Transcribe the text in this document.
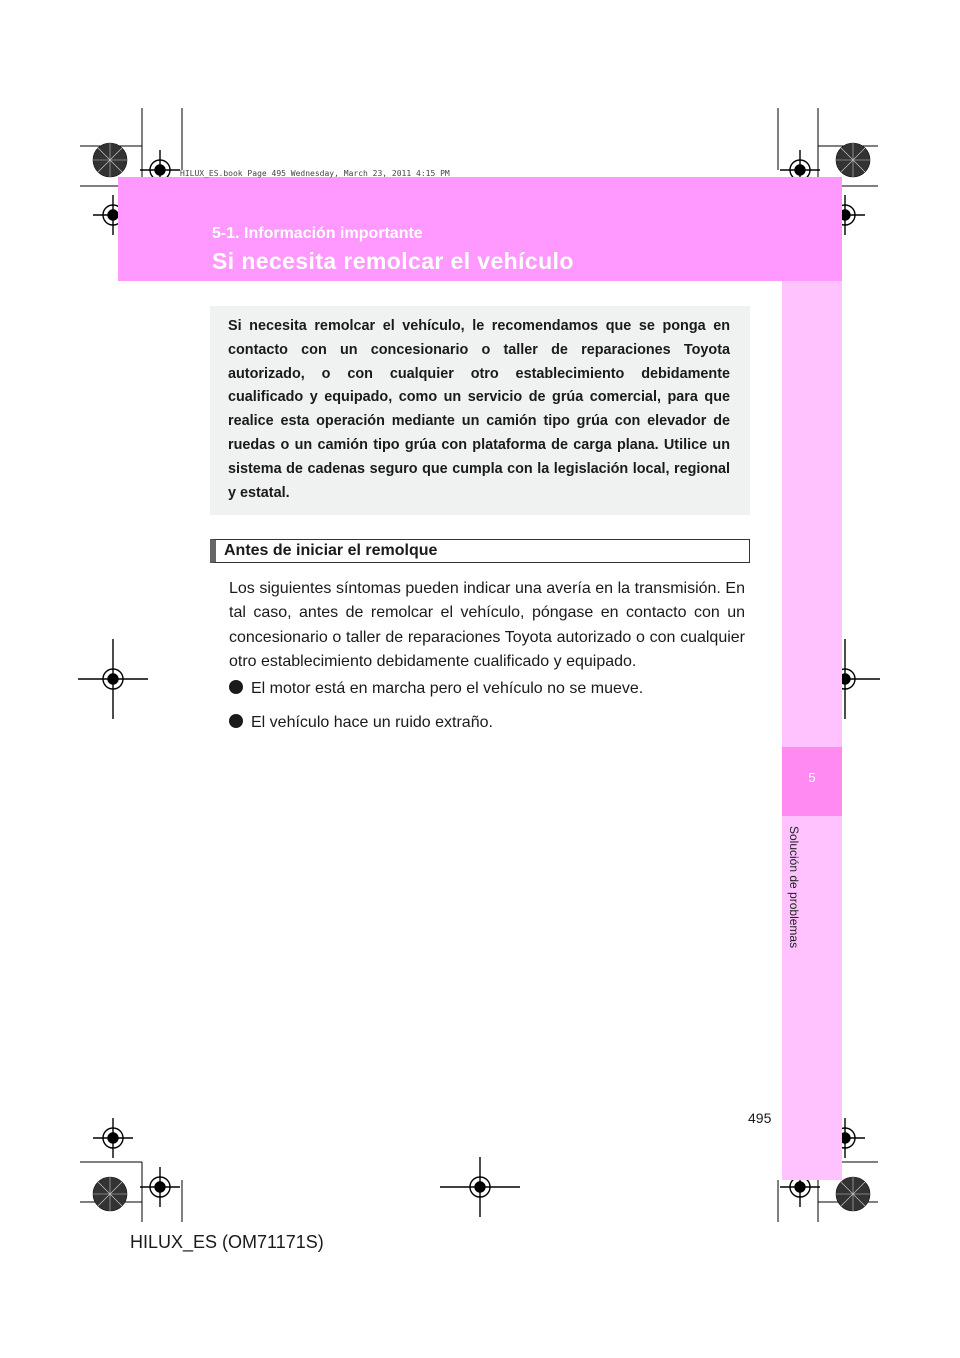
5
Solución de problemas
HILUX_ES.book Page 495 Wednesday, March 23, 2011 4:15 PM
5-1. Información importante
Si necesita remolcar el vehículo

Si necesita remolcar el vehículo, le recomendamos que se ponga en contacto con un concesionario o taller de reparaciones Toyota autorizado, o con cualquier otro establecimiento debidamente cualificado y equipado, como un servicio de grúa comercial, para que realice esta operación mediante un camión tipo grúa con elevador de ruedas o un camión tipo grúa con plataforma de carga plana. Utilice un sistema de cadenas seguro que cumpla con la legislación local, regional y estatal.

Antes de iniciar el remolque

Los siguientes síntomas pueden indicar una avería en la transmisión. En tal caso, antes de remolcar el vehículo, póngase en contacto con un concesionario o taller de reparaciones Toyota autorizado o con cualquier otro establecimiento debidamente cualificado y equipado.

El motor está en marcha pero el vehículo no se mueve.
El vehículo hace un ruido extraño.
495
HILUX_ES (OM71171S)
